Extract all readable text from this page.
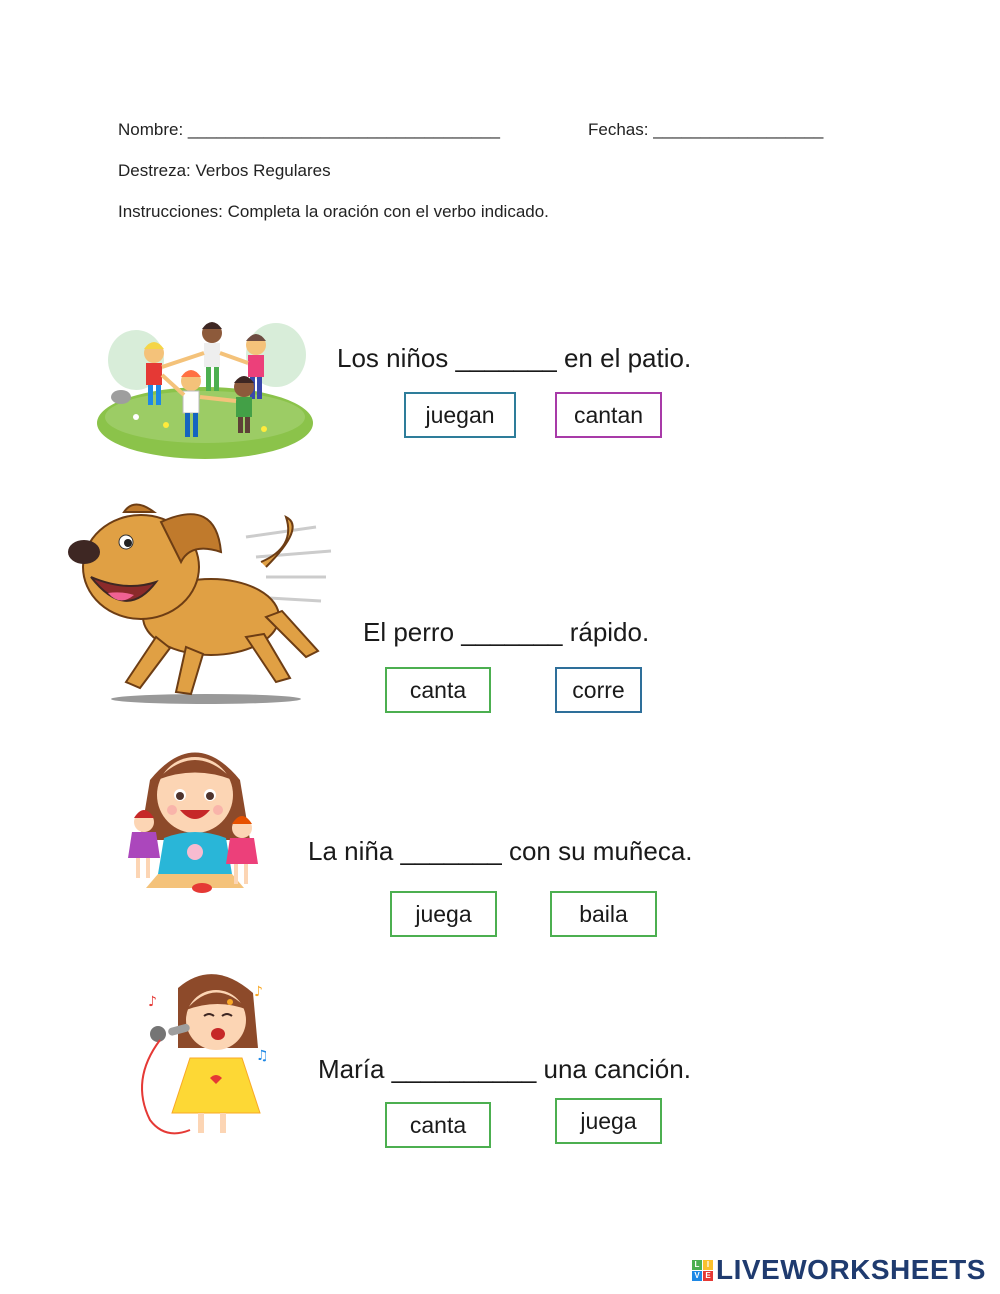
Nombre: _________________________________	Fechas: __________________
Destreza: Verbos Regulares
Instrucciones: Completa la oración con el verbo indicado.
♪
♪
♫
Los niños _______ en el patio.
juegan	cantan
El perro _______ rápido.
canta	corre
La niña _______ con su muñeca.
juega	baila
María __________ una canción.
canta	juega
L I
V E LIVEWORKSHEETS
